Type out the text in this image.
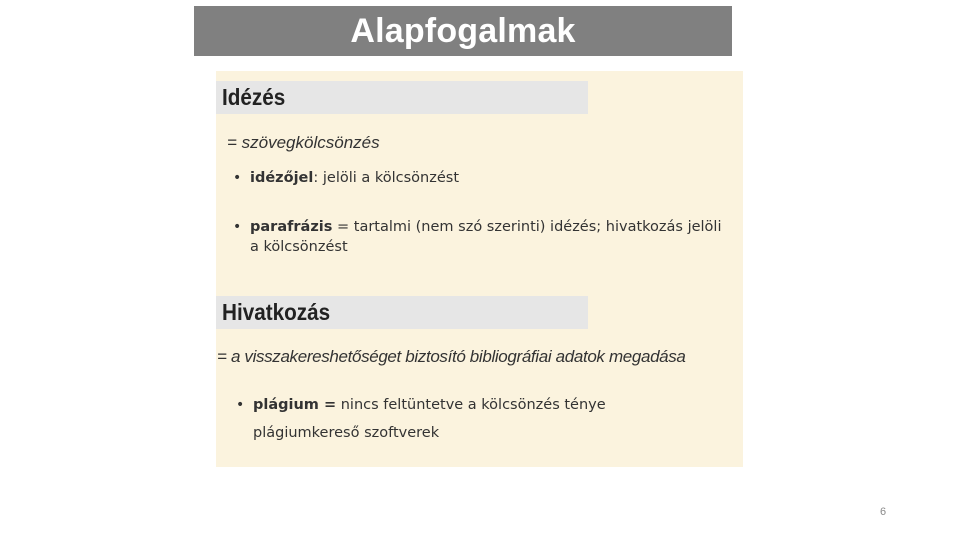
Alapfogalmak
Idézés
= szövegkölcsönzés
• idézőjel: jelöli a kölcsönzést
• parafrázis = tartalmi (nem szó szerinti) idézés; hivatkozás jelöli a kölcsönzést
Hivatkozás
= a visszakereshetőséget biztosító bibliográfiai adatok megadása
• plágium = nincs feltüntetve a kölcsönzés ténye
plágiumkereső szoftverek
6
